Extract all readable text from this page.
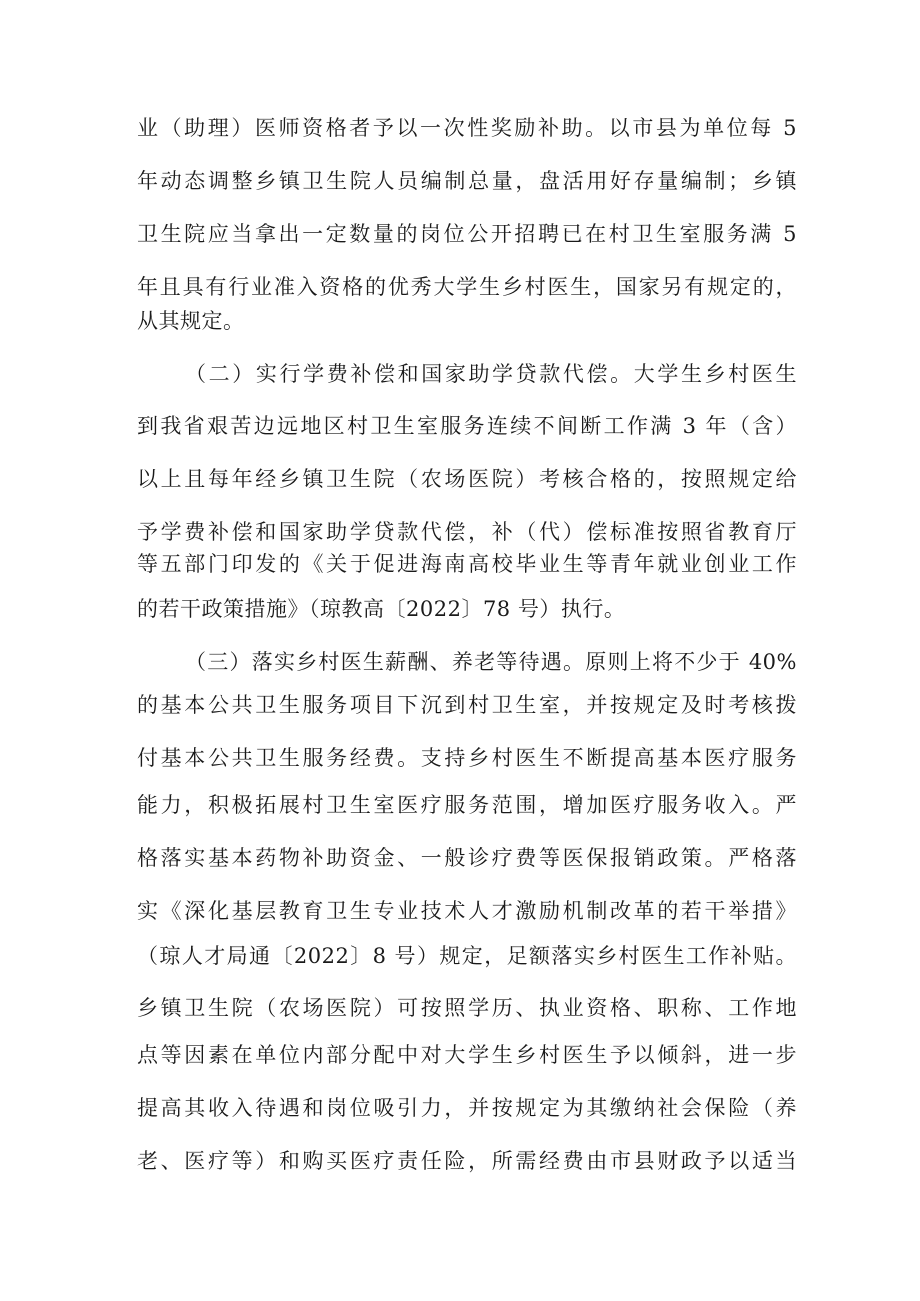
业（助理）医师资格者予以一次性奖励补助。以市县为单位每 5
年动态调整乡镇卫生院人员编制总量，盘活用好存量编制；乡镇
卫生院应当拿出一定数量的岗位公开招聘已在村卫生室服务满 5
年且具有行业准入资格的优秀大学生乡村医生，国家另有规定的，
从其规定。
（二）实行学费补偿和国家助学贷款代偿。大学生乡村医生
到我省艰苦边远地区村卫生室服务连续不间断工作满 3 年（含）
以上且每年经乡镇卫生院（农场医院）考核合格的，按照规定给
予学费补偿和国家助学贷款代偿，补（代）偿标准按照省教育厅
等五部门印发的《关于促进海南高校毕业生等青年就业创业工作
的若干政策措施》（琼教高〔2022〕78 号）执行。
（三）落实乡村医生薪酬、养老等待遇。原则上将不少于 40%
的基本公共卫生服务项目下沉到村卫生室，并按规定及时考核拨
付基本公共卫生服务经费。支持乡村医生不断提高基本医疗服务
能力，积极拓展村卫生室医疗服务范围，增加医疗服务收入。严
格落实基本药物补助资金、一般诊疗费等医保报销政策。严格落
实《深化基层教育卫生专业技术人才激励机制改革的若干举措》
（琼人才局通〔2022〕8 号）规定，足额落实乡村医生工作补贴。
乡镇卫生院（农场医院）可按照学历、执业资格、职称、工作地
点等因素在单位内部分配中对大学生乡村医生予以倾斜，进一步
提高其收入待遇和岗位吸引力，并按规定为其缴纳社会保险（养
老、医疗等）和购买医疗责任险，所需经费由市县财政予以适当
